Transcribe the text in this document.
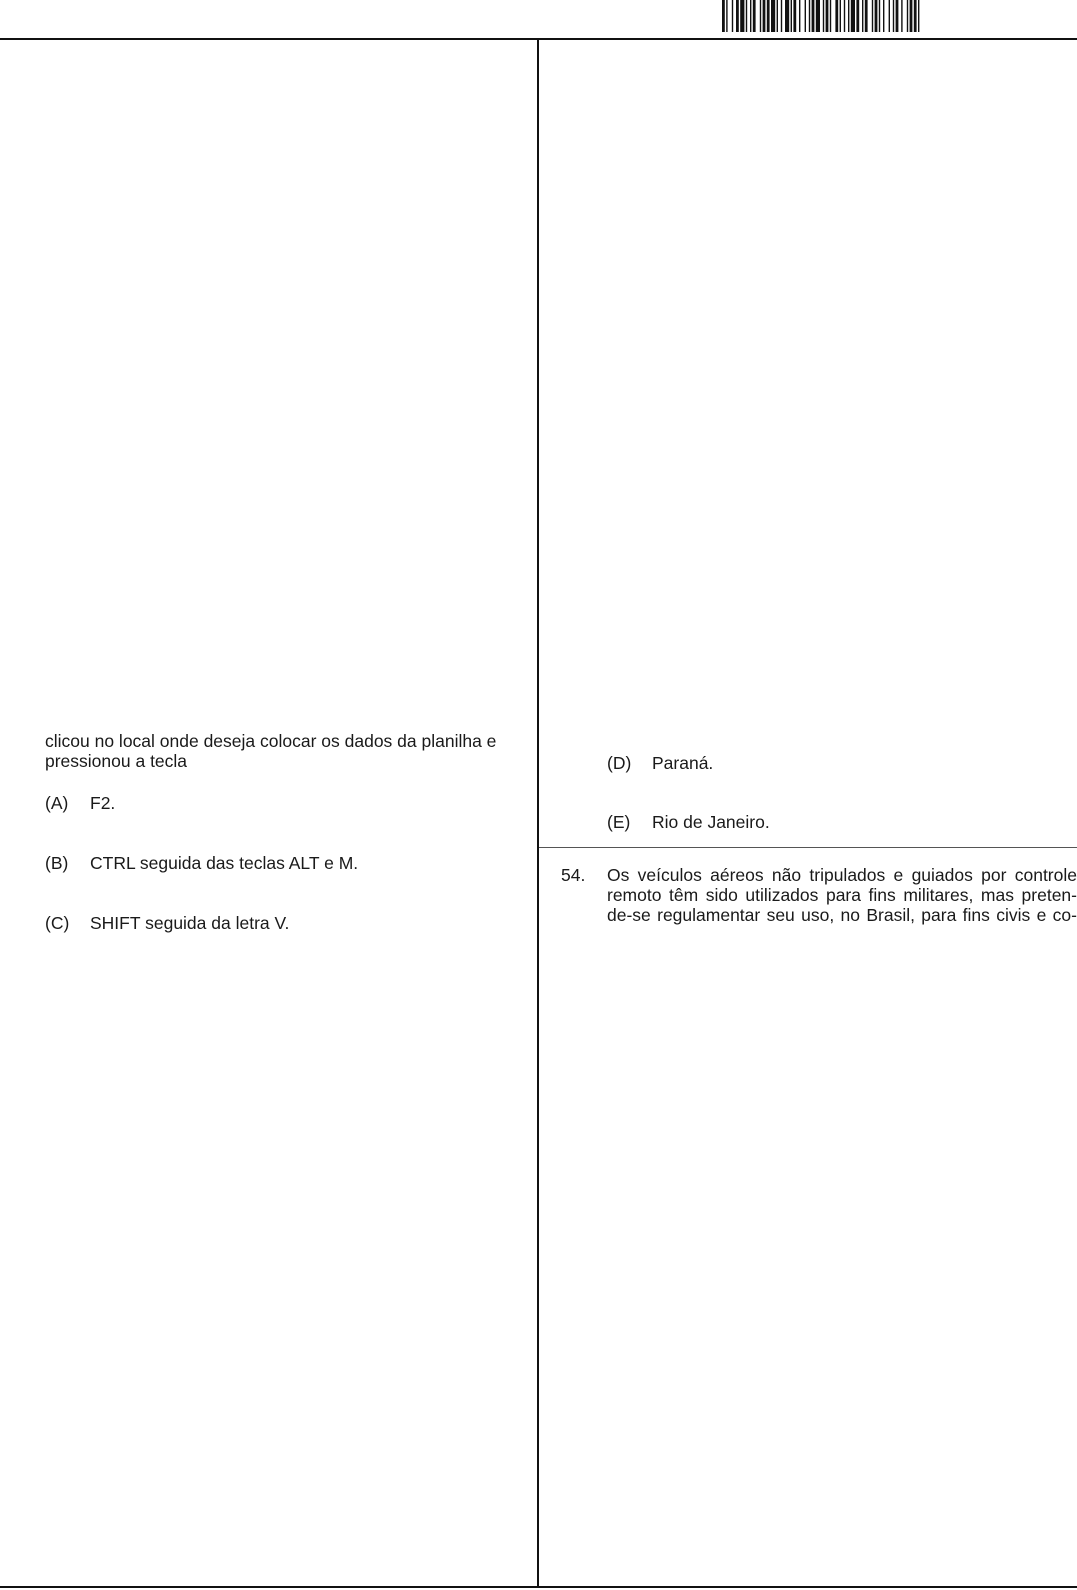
clicou no local onde deseja colocar os dados da planilha e pressionou a tecla
(A) F2.
(B) CTRL seguida das teclas ALT e M.
(C) SHIFT seguida da letra V.
(D) Paraná.
(E) Rio de Janeiro.
54. Os veículos aéreos não tripulados e guiados por controle
remoto têm sido utilizados para fins militares, mas preten-
de-se regulamentar seu uso, no Brasil, para fins civis e co-
